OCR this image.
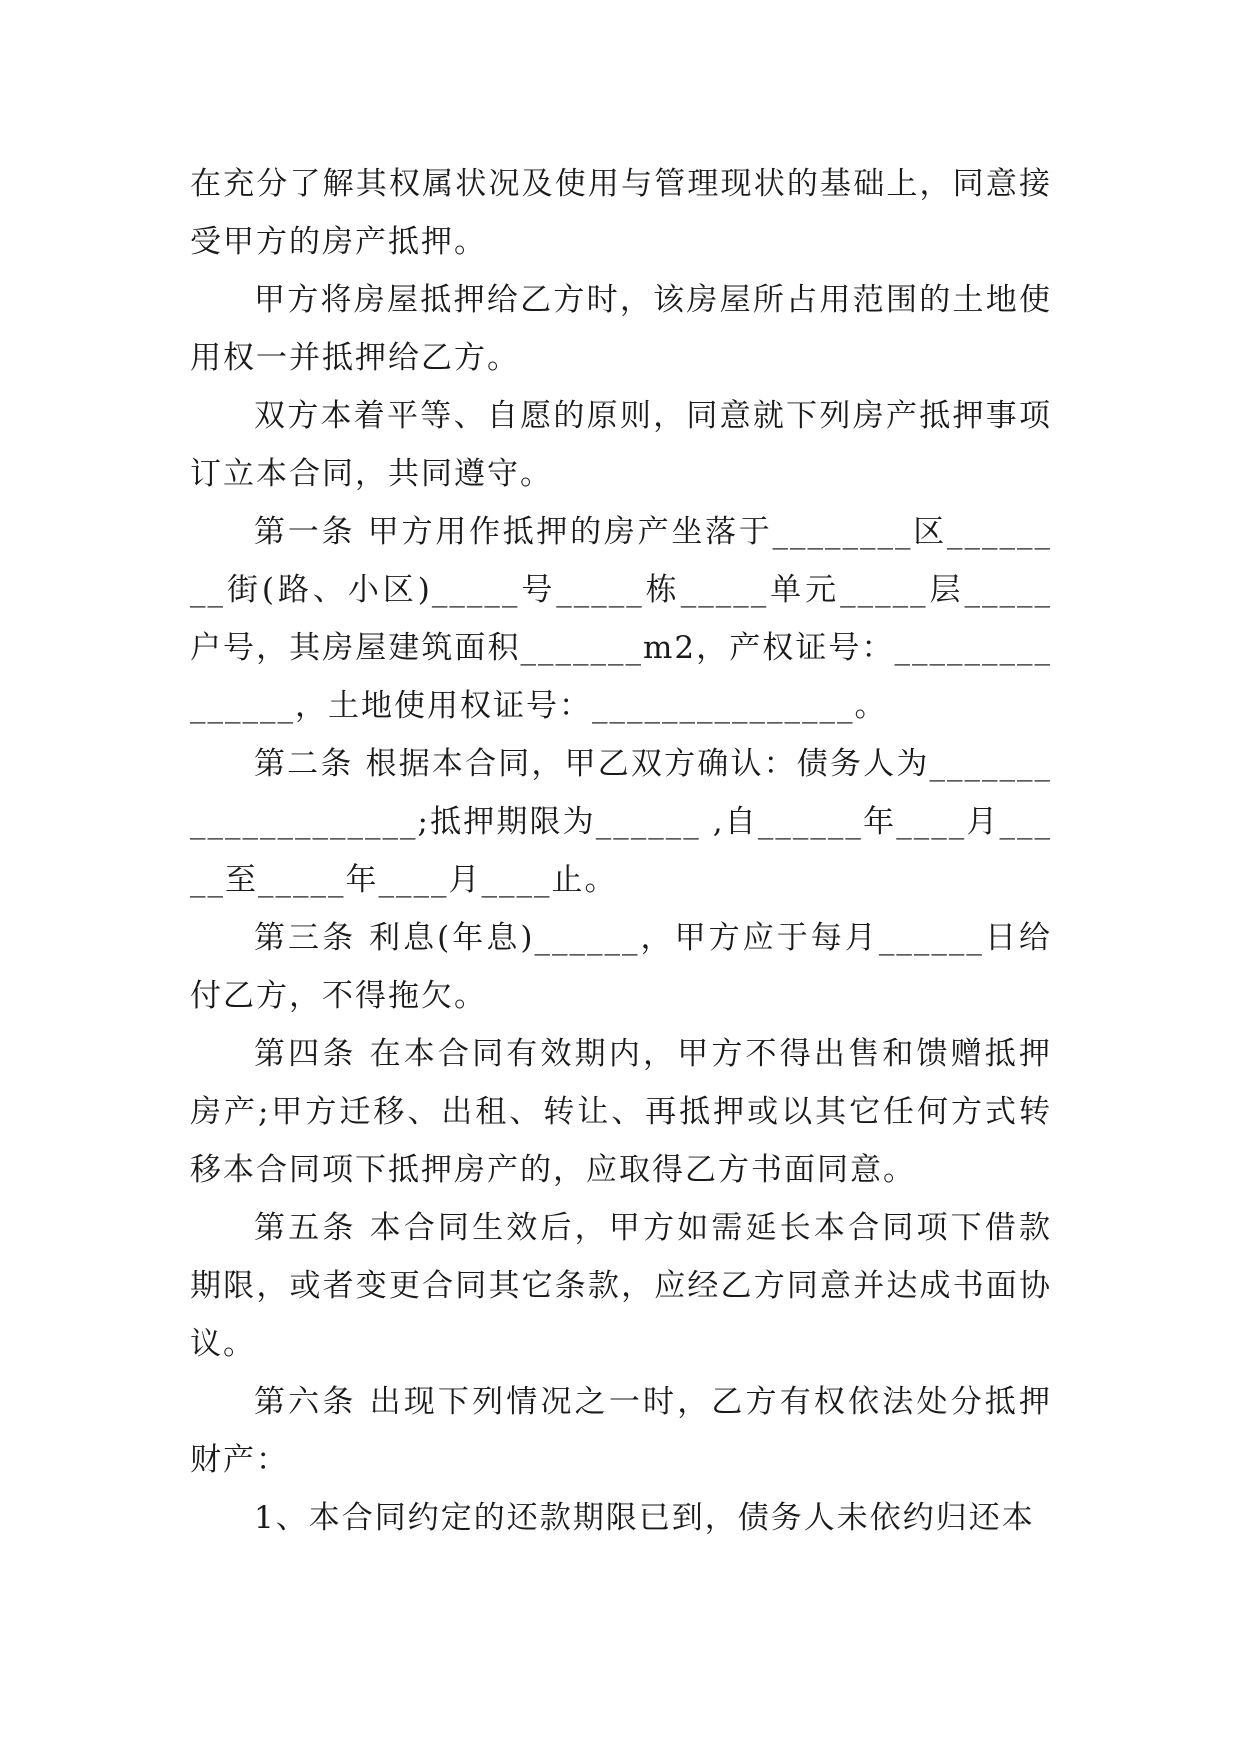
在充分了解其权属状况及使用与管理现状的基础上，同意接受甲方的房产抵押。

甲方将房屋抵押给乙方时，该房屋所占用范围的土地使用权一并抵押给乙方。

双方本着平等、自愿的原则，同意就下列房产抵押事项订立本合同，共同遵守。

第一条 甲方用作抵押的房产坐落于________区________街(路、小区)_____号_____栋_____单元_____层_____户号，其房屋建筑面积_______m2，产权证号：_______________，土地使用权证号：_______________。

第二条 根据本合同，甲乙双方确认：债务人为____________________;抵押期限为______ ,自______年____月_____至_____年____月____止。

第三条 利息(年息)______，甲方应于每月______日给付乙方，不得拖欠。

第四条 在本合同有效期内，甲方不得出售和馈赠抵押房产;甲方迁移、出租、转让、再抵押或以其它任何方式转移本合同项下抵押房产的，应取得乙方书面同意。

第五条 本合同生效后，甲方如需延长本合同项下借款期限，或者变更合同其它条款，应经乙方同意并达成书面协议。

第六条 出现下列情况之一时，乙方有权依法处分抵押财产：

1、本合同约定的还款期限已到，债务人未依约归还本
